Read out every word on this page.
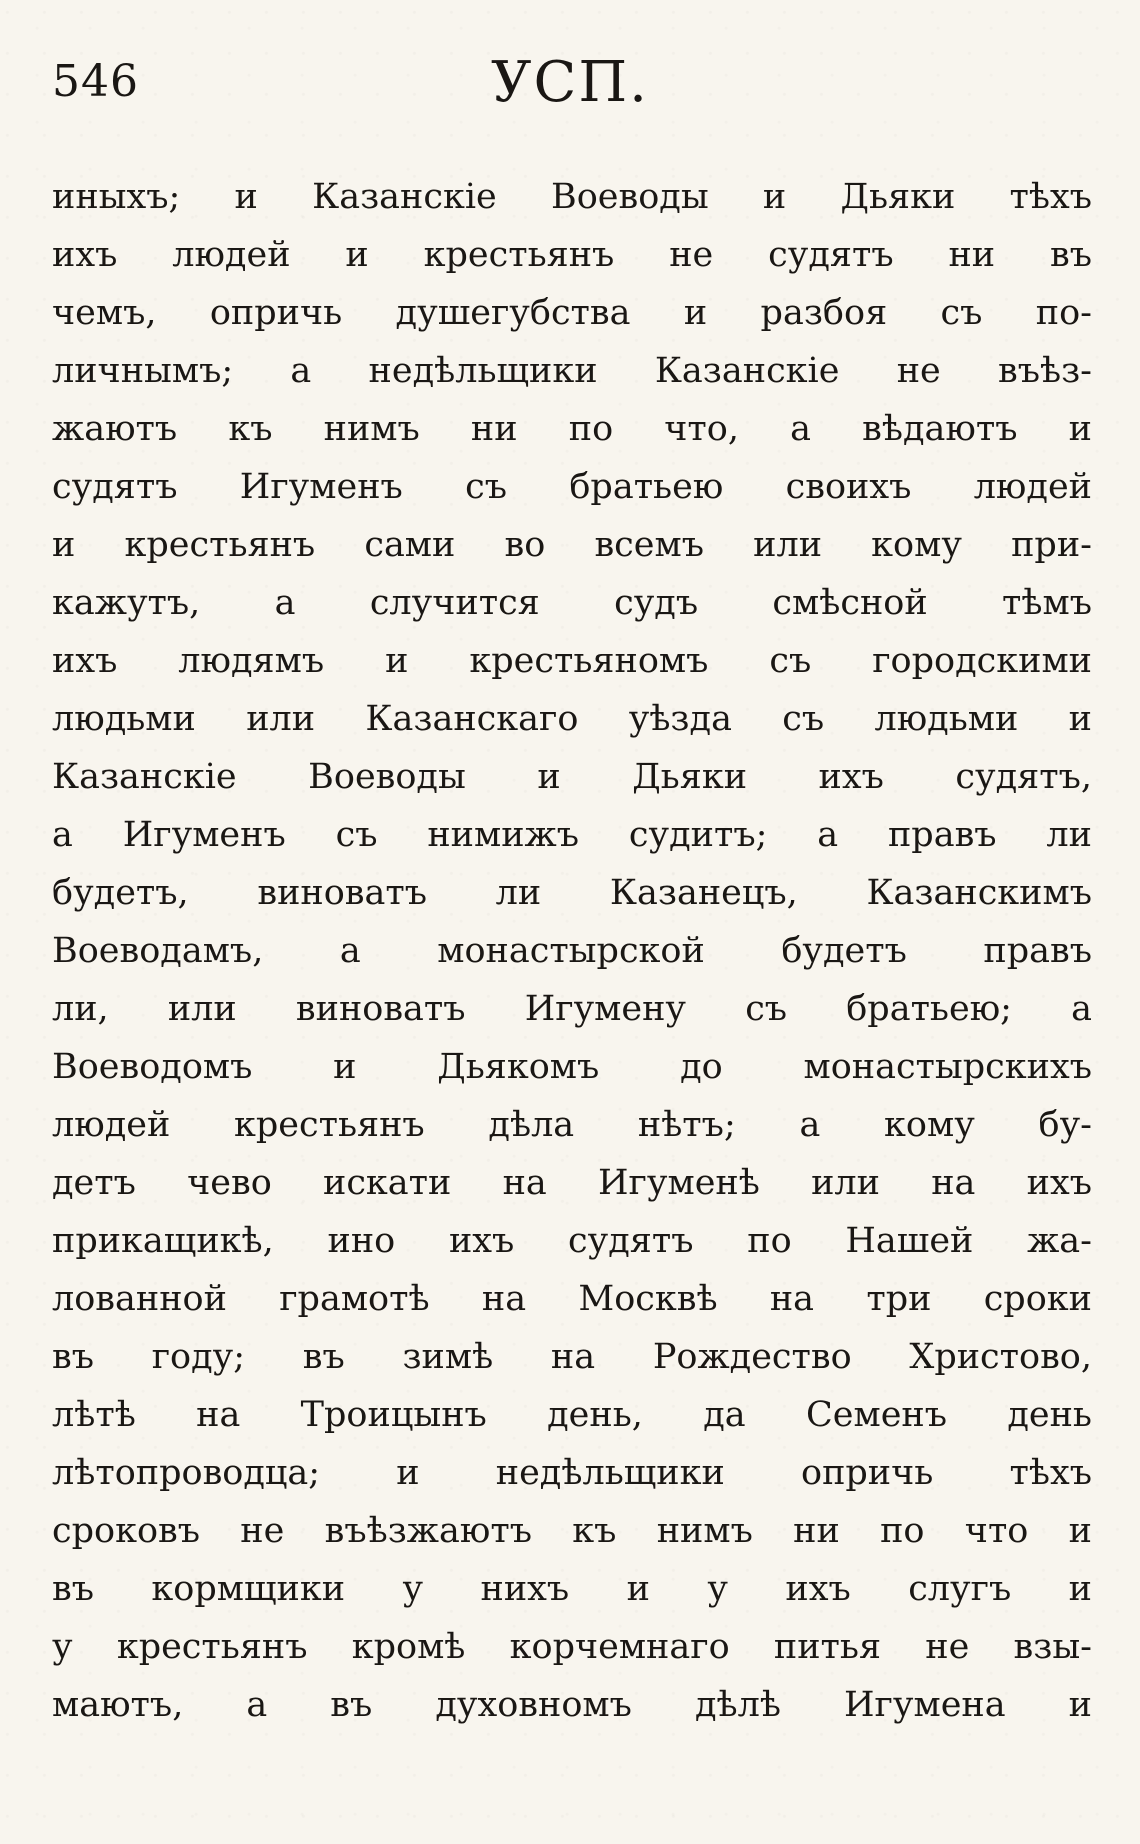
546	УСП.
иныхъ; и Казанскіе Воеводы и Дьяки тѣхъ
ихъ людей и крестьянъ не судятъ ни въ
чемъ, опричь душегубства и разбоя съ по-
личнымъ; а недѣльщики Казанскіе не въѣз-
жаютъ къ нимъ ни по что, а вѣдаютъ и
судятъ Игуменъ съ братьею своихъ людей
и крестьянъ сами во всемъ или кому при-
кажутъ, а случится судъ смѣсной тѣмъ
ихъ людямъ и крестьяномъ съ городскими
людьми или Казанскаго уѣзда съ людьми и
Казанскіе Воеводы и Дьяки ихъ судятъ,
а Игуменъ съ нимижъ судитъ; а правъ ли
будетъ, виноватъ ли Казанецъ, Казанскимъ
Воеводамъ, а монастырской будетъ правъ
ли, или виноватъ Игумену съ братьею; а
Воеводомъ и Дьякомъ до монастырскихъ
людей крестьянъ дѣла нѣтъ; а кому бу-
детъ чево искати на Игуменѣ или на ихъ
прикащикѣ, ино ихъ судятъ по Нашей жа-
лованной грамотѣ на Москвѣ на три сроки
въ году; въ зимѣ на Рождество Христово,
лѣтѣ на Троицынъ день, да Семенъ день
лѣтопроводца; и недѣльщики опричь тѣхъ
сроковъ не въѣзжаютъ къ нимъ ни по что и
въ кормщики у нихъ и у ихъ слугъ и
у крестьянъ кромѣ корчемнаго питья не взы-
маютъ, а въ духовномъ дѣлѣ Игумена и
